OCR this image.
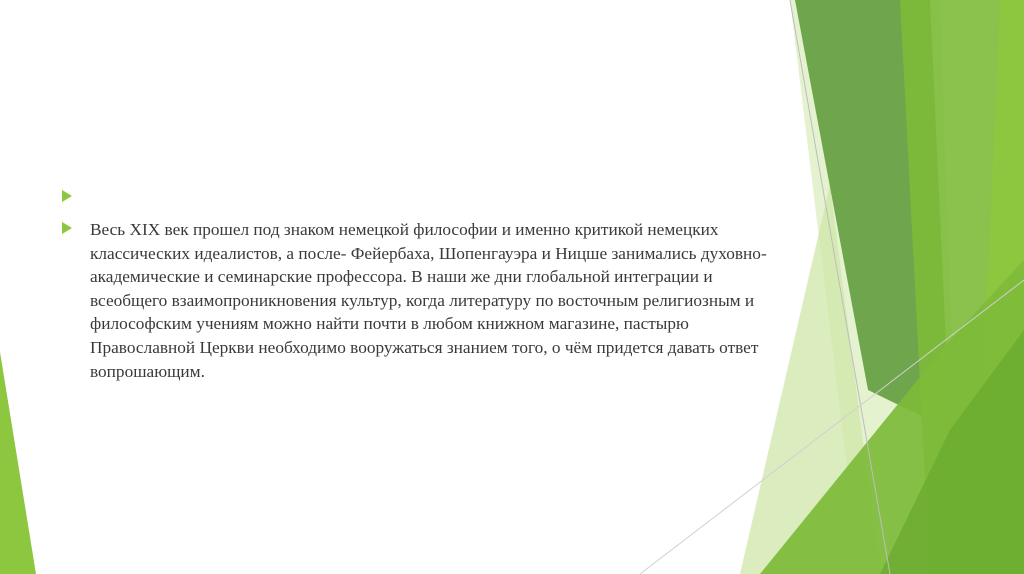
Весь XIX век прошел под знаком немецкой философии и именно критикой немецких классических идеалистов, а после- Фейербаха, Шопенгауэра и Ницше занимались духовно-академические и семинарские профессора. В наши же дни глобальной интеграции и всеобщего взаимопроникновения культур, когда литературу по восточным религиозным и философским учениям можно найти почти в любом книжном магазине, пастырю Православной Церкви необходимо вооружаться знанием того, о чём придется давать ответ вопрошающим.
